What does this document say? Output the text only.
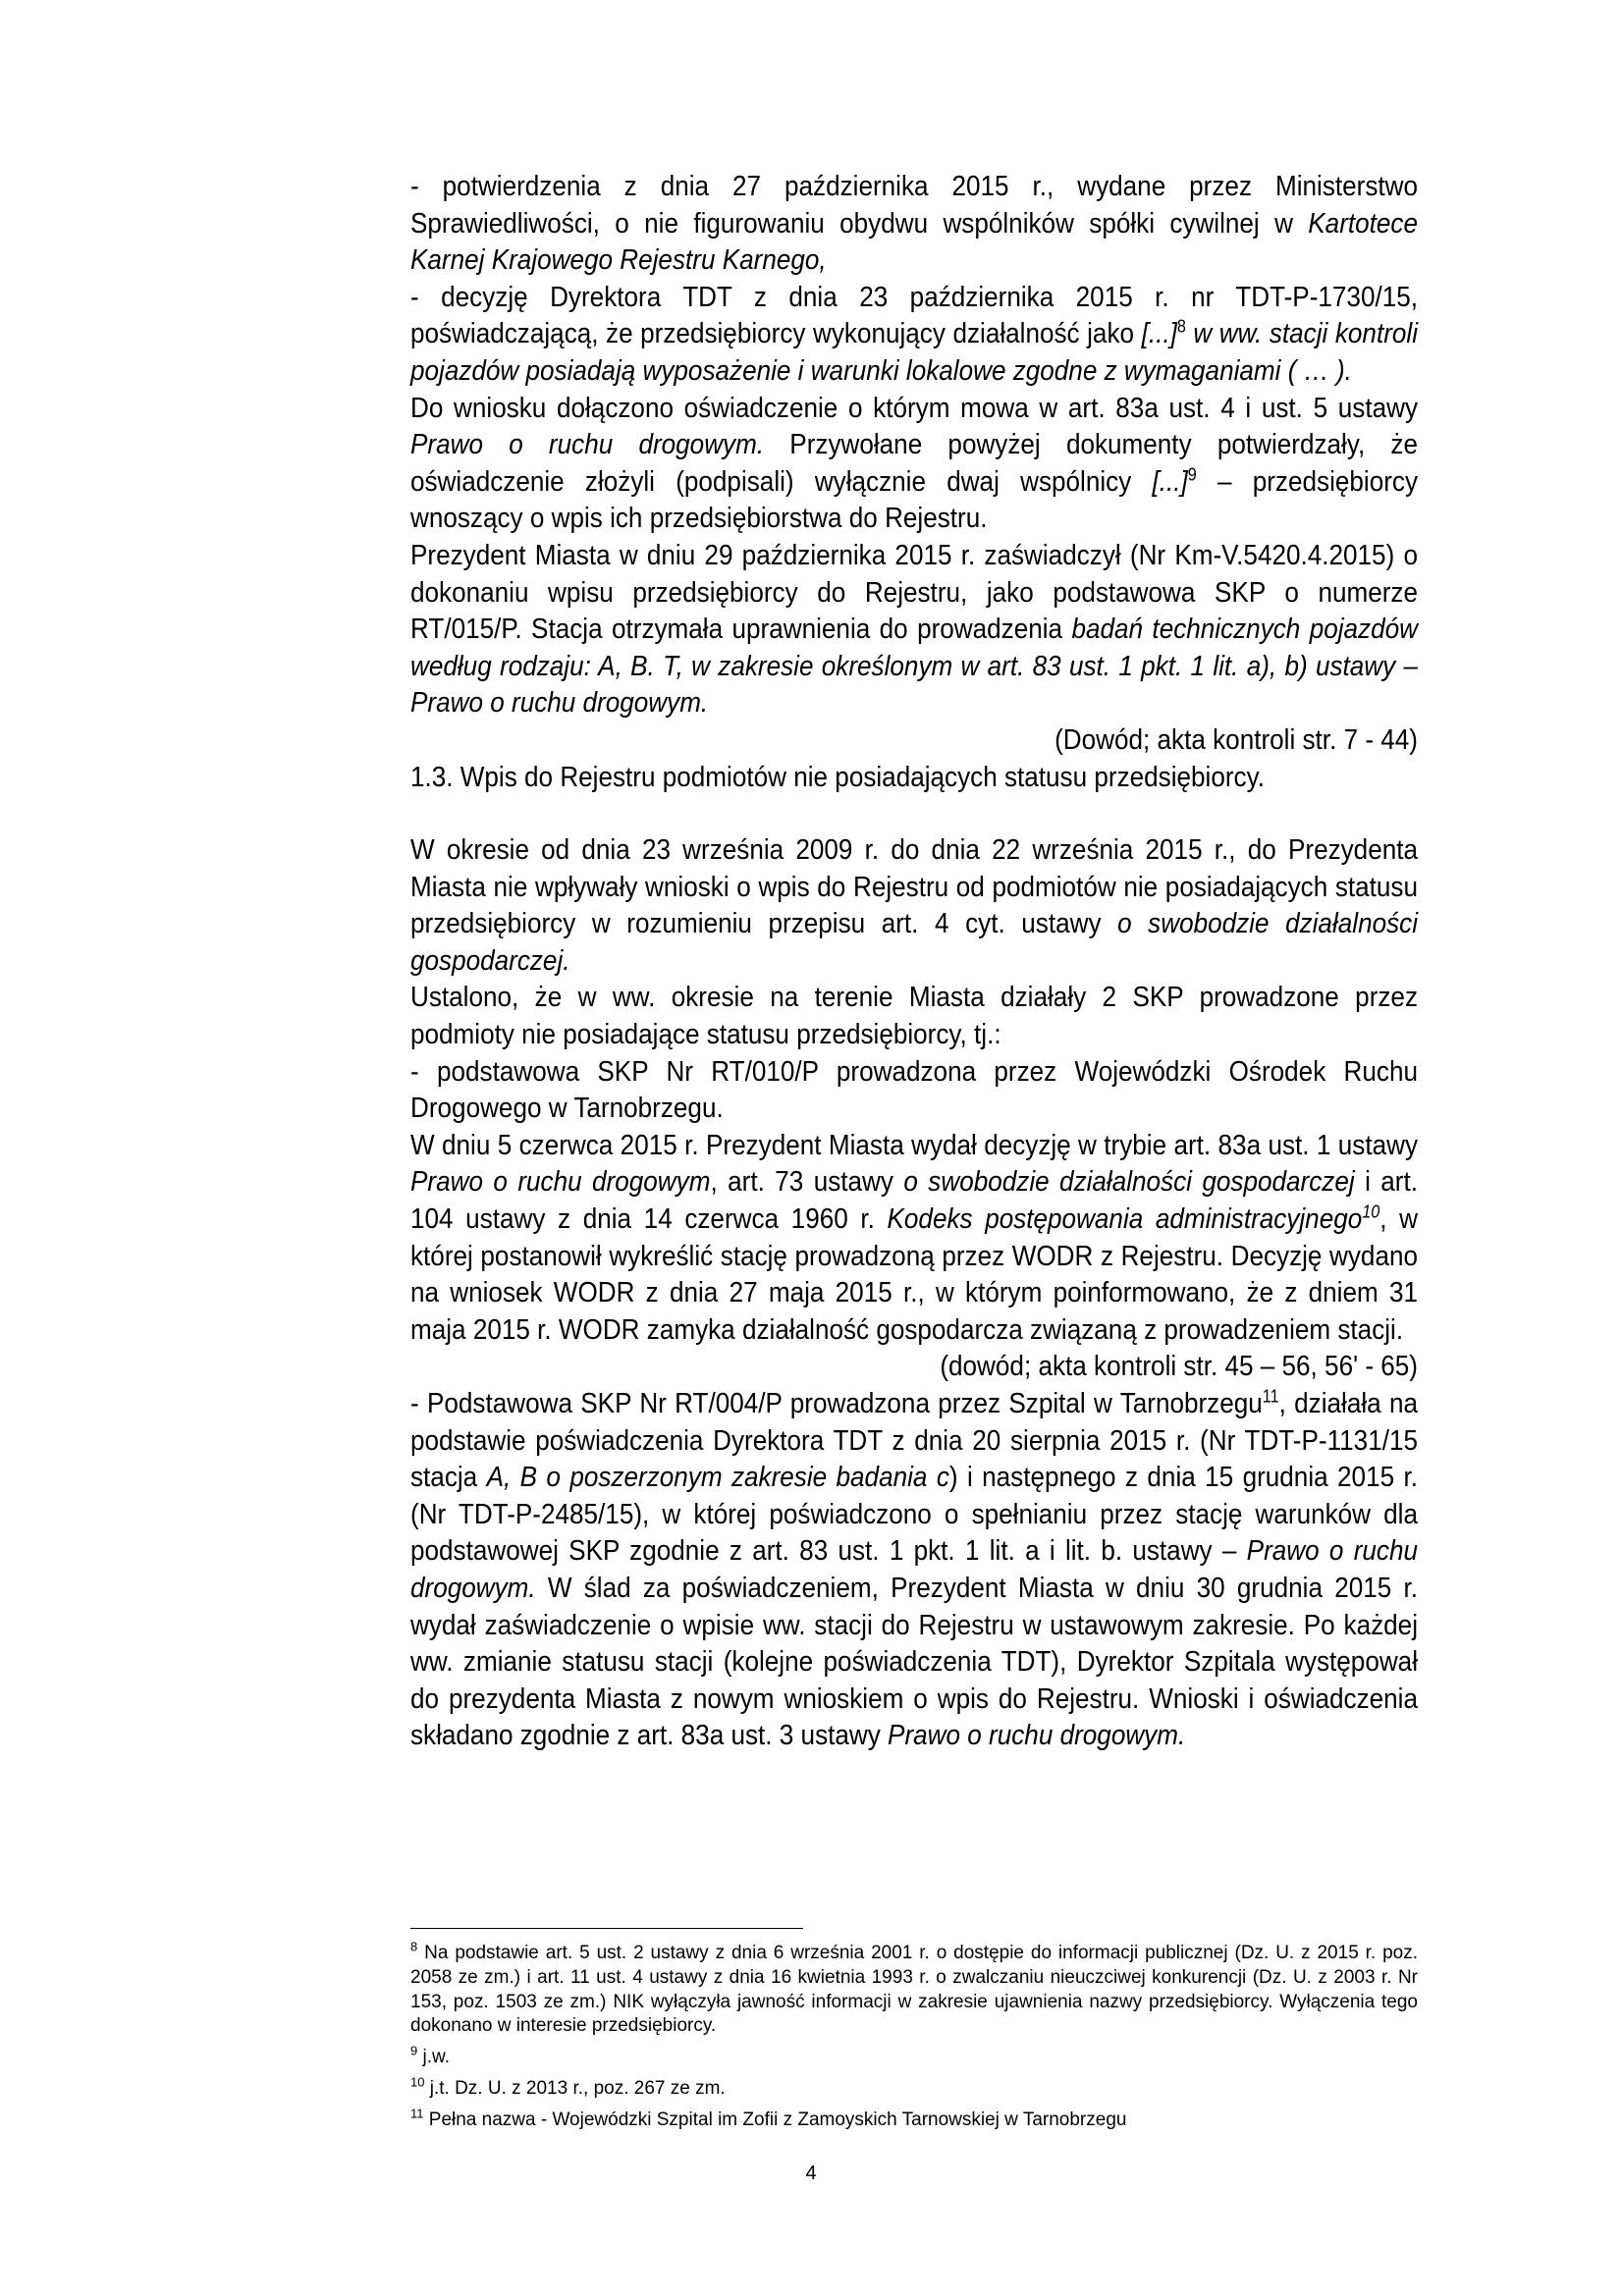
- potwierdzenia z dnia 27 października 2015 r., wydane przez Ministerstwo Sprawiedliwości, o nie figurowaniu obydwu wspólników spółki cywilnej w Kartotece Karnej Krajowego Rejestru Karnego,

- decyzję Dyrektora TDT z dnia 23 października 2015 r. nr TDT-P-1730/15, poświadczającą, że przedsiębiorcy wykonujący działalność jako [...]$^8$ w ww. stacji kontroli pojazdów posiadają wyposażenie i warunki lokalowe zgodne z wymaganiami ( … ).

Do wniosku dołączono oświadczenie o którym mowa w art. 83a ust. 4 i ust. 5 ustawy Prawo o ruchu drogowym. Przywołane powyżej dokumenty potwierdzały, że oświadczenie złożyli (podpisali) wyłącznie dwaj wspólnicy [...]$^9$ – przedsiębiorcy wnoszący o wpis ich przedsiębiorstwa do Rejestru.

Prezydent Miasta w dniu 29 października 2015 r. zaświadczył (Nr Km-V.5420.4.2015) o dokonaniu wpisu przedsiębiorcy do Rejestru, jako podstawowa SKP o numerze RT/015/P. Stacja otrzymała uprawnienia do prowadzenia badań technicznych pojazdów według rodzaju: A, B. T, w zakresie określonym w art. 83 ust. 1 pkt. 1 lit. a), b) ustawy – Prawo o ruchu drogowym.

(Dowód; akta kontroli str. 7 - 44)

1.3. Wpis do Rejestru podmiotów nie posiadających statusu przedsiębiorcy.

W okresie od dnia 23 września 2009 r. do dnia 22 września 2015 r., do Prezydenta Miasta nie wpływały wnioski o wpis do Rejestru od podmiotów nie posiadających statusu przedsiębiorcy w rozumieniu przepisu art. 4 cyt. ustawy o swobodzie działalności gospodarczej.

Ustalono, że w ww. okresie na terenie Miasta działały 2 SKP prowadzone przez podmioty nie posiadające statusu przedsiębiorcy, tj.:

- podstawowa SKP Nr RT/010/P prowadzona przez Wojewódzki Ośrodek Ruchu Drogowego w Tarnobrzegu.

W dniu 5 czerwca 2015 r. Prezydent Miasta wydał decyzję w trybie art. 83a ust. 1 ustawy Prawo o ruchu drogowym, art. 73 ustawy o swobodzie działalności gospodarczej i art. 104 ustawy z dnia 14 czerwca 1960 r. Kodeks postępowania administracyjnego$^{10}$, w której postanowił wykreślić stację prowadzoną przez WODR z Rejestru. Decyzję wydano na wniosek WODR z dnia 27 maja 2015 r., w którym poinformowano, że z dniem 31 maja 2015 r. WODR zamyka działalność gospodarcza związaną z prowadzeniem stacji.

(dowód; akta kontroli str. 45 – 56, 56' - 65)

- Podstawowa SKP Nr RT/004/P prowadzona przez Szpital w Tarnobrzegu$^{11}$, działała na podstawie poświadczenia Dyrektora TDT z dnia 20 sierpnia 2015 r. (Nr TDT-P-1131/15 stacja A, B o poszerzonym zakresie badania c) i następnego z dnia 15 grudnia 2015 r. (Nr TDT-P-2485/15), w której poświadczono o spełnianiu przez stację warunków dla podstawowej SKP zgodnie z art. 83 ust. 1 pkt. 1 lit. a i lit. b. ustawy – Prawo o ruchu drogowym. W ślad za poświadczeniem, Prezydent Miasta w dniu 30 grudnia 2015 r. wydał zaświadczenie o wpisie ww. stacji do Rejestru w ustawowym zakresie. Po każdej ww. zmianie statusu stacji (kolejne poświadczenia TDT), Dyrektor Szpitala występował do prezydenta Miasta z nowym wnioskiem o wpis do Rejestru. Wnioski i oświadczenia składano zgodnie z art. 83a ust. 3 ustawy Prawo o ruchu drogowym.

$^8$ Na podstawie art. 5 ust. 2 ustawy z dnia 6 września 2001 r. o dostępie do informacji publicznej (Dz. U. z 2015 r. poz. 2058 ze zm.) i art. 11 ust. 4 ustawy z dnia 16 kwietnia 1993 r. o zwalczaniu nieuczciwej konkurencji (Dz. U. z 2003 r. Nr 153, poz. 1503 ze zm.) NIK wyłączyła jawność informacji w zakresie ujawnienia nazwy przedsiębiorcy. Wyłączenia tego dokonano w interesie przedsiębiorcy.

$^9$ j.w.

$^{10}$ j.t. Dz. U. z 2013 r., poz. 267 ze zm.

$^{11}$ Pełna nazwa - Wojewódzki Szpital im Zofii z Zamoyskich Tarnowskiej w Tarnobrzegu

4
